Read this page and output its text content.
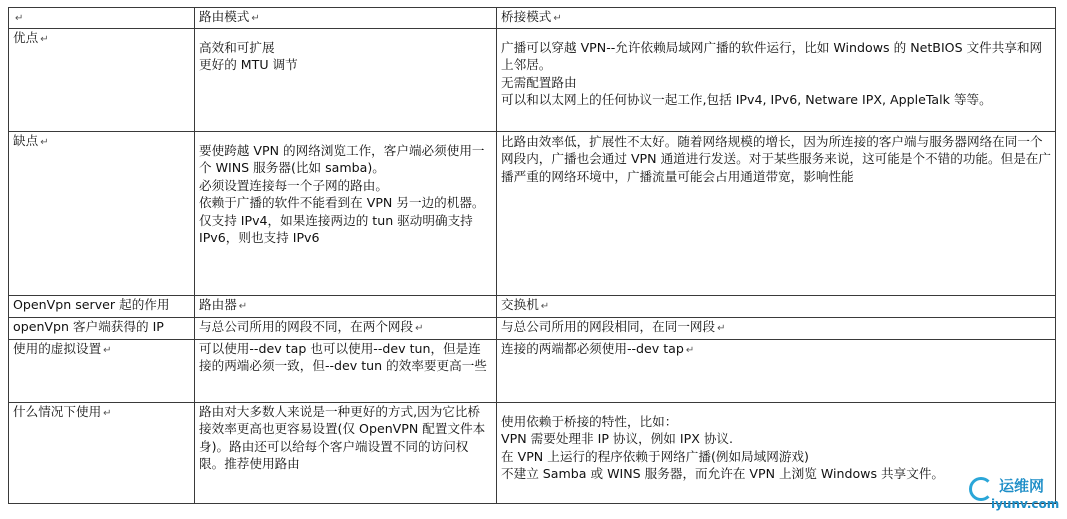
↵	路由模式 ↵	桥接模式 ↵
优点 ↵	高效和可扩展
更好的 MTU 调节	广播可以穿越 VPN--允许依赖局域网广播的软件运行，比如 Windows 的 NetBIOS 文件共享和网上邻居。
无需配置路由
可以和以太网上的任何协议一起工作,包括 IPv4, IPv6, Netware IPX, AppleTalk 等等。

缺点 ↵	要使跨越 VPN 的网络浏览工作，客户端必须使用一个 WINS 服务器(比如 samba)。
必须设置连接每一个子网的路由。
依赖于广播的软件不能看到在 VPN 另一边的机器。
仅支持 IPv4，如果连接两边的 tun 驱动明确支持 IPv6，则也支持 IPv6	比路由效率低，扩展性不太好。随着网络规模的增长，因为所连接的客户端与服务器网络在同一个网段内，广播也会通过 VPN 通道进行发送。对于某些服务来说，这可能是个不错的功能。但是在广播严重的网络环境中，广播流量可能会占用通道带宽，影响性能

OpenVpn server 起的作用	路由器 ↵	交换机 ↵
openVpn 客户端获得的 IP	与总公司所用的网段不同，在两个网段 ↵	与总公司所用的网段相同，在同一网段 ↵
使用的虚拟设置 ↵	可以使用--dev tap 也可以使用--dev tun，但是连接的两端必须一致，但--dev tun 的效率要更高一些	连接的两端都必须使用--dev tap ↵
什么情况下使用 ↵	路由对大多数人来说是一种更好的方式,因为它比桥接效率更高也更容易设置(仅 OpenVPN 配置文件本身)。路由还可以给每个客户端设置不同的访问权限。推荐使用路由	使用依赖于桥接的特性，比如：
VPN 需要处理非 IP 协议，例如 IPX 协议.
在 VPN 上运行的程序依赖于网络广播(例如局域网游戏)
不建立 Samba 或 WINS 服务器，而允许在 VPN 上浏览 Windows 共享文件。
运维网
iyunv.com
